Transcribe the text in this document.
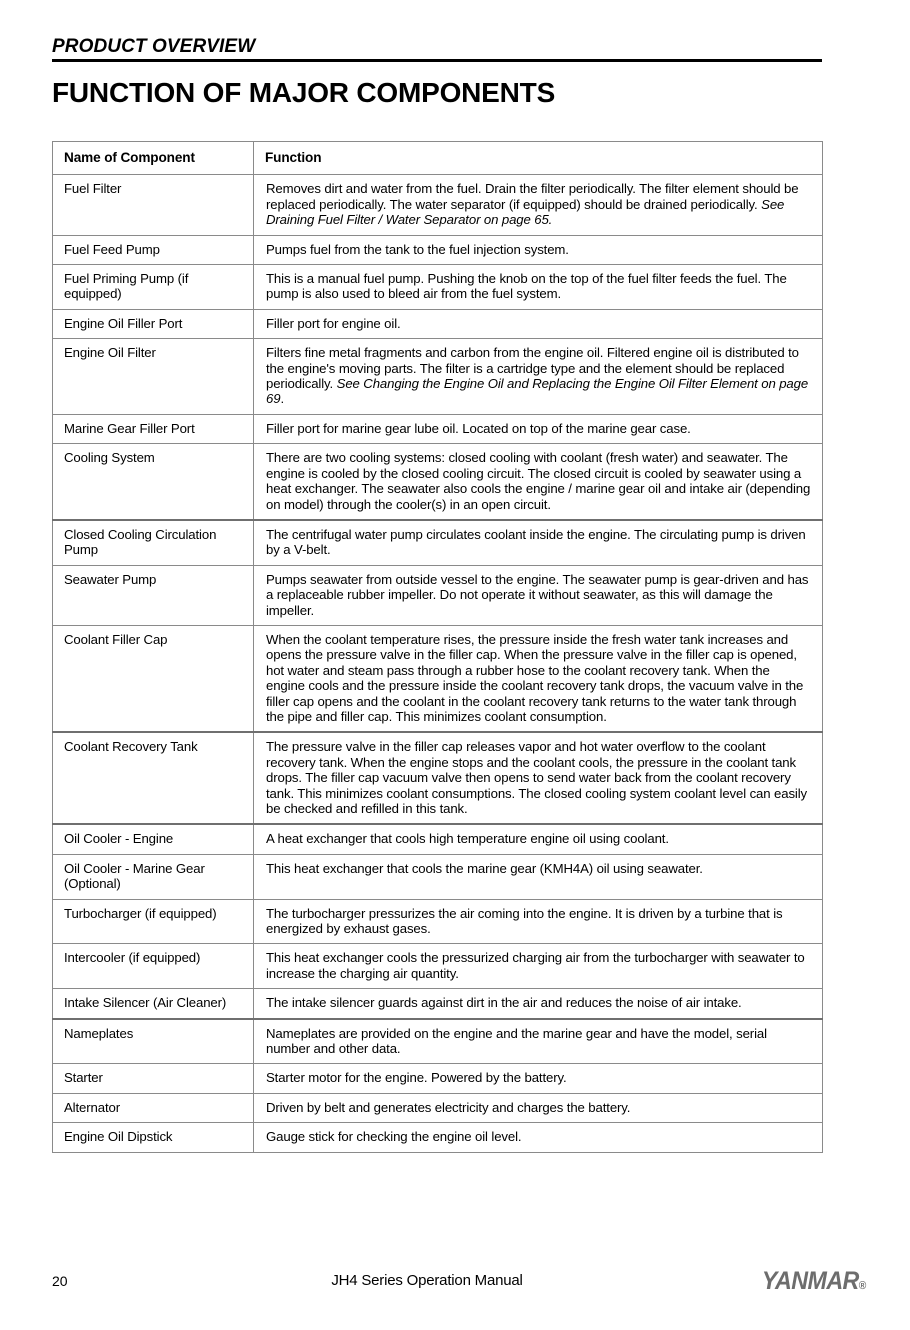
PRODUCT OVERVIEW
FUNCTION OF MAJOR COMPONENTS
Name of Component	Function
Fuel Filter	Removes dirt and water from the fuel. Drain the filter periodically. The filter element should be replaced periodically. The water separator (if equipped) should be drained periodically. See Draining Fuel Filter / Water Separator on page 65.
Fuel Feed Pump	Pumps fuel from the tank to the fuel injection system.
Fuel Priming Pump (if equipped)	This is a manual fuel pump. Pushing the knob on the top of the fuel filter feeds the fuel. The pump is also used to bleed air from the fuel system.
Engine Oil Filler Port	Filler port for engine oil.
Engine Oil Filter	Filters fine metal fragments and carbon from the engine oil. Filtered engine oil is distributed to the engine's moving parts. The filter is a cartridge type and the element should be replaced periodically. See Changing the Engine Oil and Replacing the Engine Oil Filter Element on page 69.
Marine Gear Filler Port	Filler port for marine gear lube oil. Located on top of the marine gear case.
Cooling System	There are two cooling systems: closed cooling with coolant (fresh water) and seawater. The engine is cooled by the closed cooling circuit. The closed circuit is cooled by seawater using a heat exchanger. The seawater also cools the engine / marine gear oil and intake air (depending on model) through the cooler(s) in an open circuit.
Closed Cooling Circulation Pump	The centrifugal water pump circulates coolant inside the engine. The circulating pump is driven by a V-belt.
Seawater Pump	Pumps seawater from outside vessel to the engine. The seawater pump is gear-driven and has a replaceable rubber impeller. Do not operate it without seawater, as this will damage the impeller.
Coolant Filler Cap	When the coolant temperature rises, the pressure inside the fresh water tank increases and opens the pressure valve in the filler cap. When the pressure valve in the filler cap is opened, hot water and steam pass through a rubber hose to the coolant recovery tank. When the engine cools and the pressure inside the coolant recovery tank drops, the vacuum valve in the filler cap opens and the coolant in the coolant recovery tank returns to the water tank through the pipe and filler cap. This minimizes coolant consumption.
Coolant Recovery Tank	The pressure valve in the filler cap releases vapor and hot water overflow to the coolant recovery tank. When the engine stops and the coolant cools, the pressure in the coolant tank drops. The filler cap vacuum valve then opens to send water back from the coolant recovery tank. This minimizes coolant consumptions. The closed cooling system coolant level can easily be checked and refilled in this tank.
Oil Cooler - Engine	A heat exchanger that cools high temperature engine oil using coolant.
Oil Cooler - Marine Gear (Optional)	This heat exchanger that cools the marine gear (KMH4A) oil using seawater.
Turbocharger (if equipped)	The turbocharger pressurizes the air coming into the engine. It is driven by a turbine that is energized by exhaust gases.
Intercooler (if equipped)	This heat exchanger cools the pressurized charging air from the turbocharger with seawater to increase the charging air quantity.
Intake Silencer (Air Cleaner)	The intake silencer guards against dirt in the air and reduces the noise of air intake.
Nameplates	Nameplates are provided on the engine and the marine gear and have the model, serial number and other data.
Starter	Starter motor for the engine. Powered by the battery.
Alternator	Driven by belt and generates electricity and charges the battery.
Engine Oil Dipstick	Gauge stick for checking the engine oil level.
20	JH4 Series Operation Manual	YANMAR®
